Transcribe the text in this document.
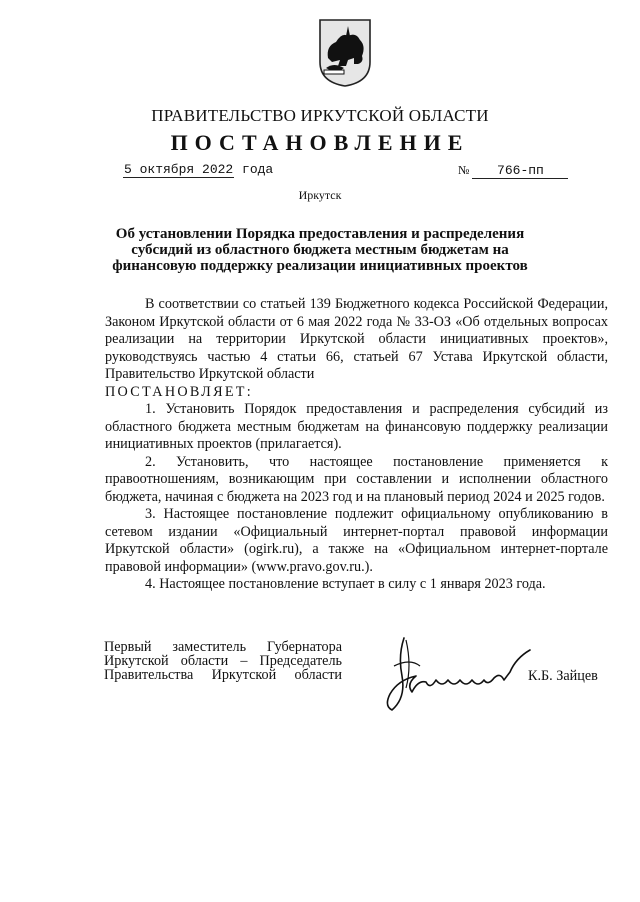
ПРАВИТЕЛЬСТВО ИРКУТСКОЙ ОБЛАСТИ
ПОСТАНОВЛЕНИЕ
5 октября 2022 года	№ 766-пп
Иркутск
Об установлении Порядка предоставления и распределения субсидий из областного бюджета местным бюджетам на финансовую поддержку реализации инициативных проектов

В соответствии со статьей 139 Бюджетного кодекса Российской Федерации, Законом Иркутской области от 6 мая 2022 года № 33-ОЗ «Об отдельных вопросах реализации на территории Иркутской области инициативных проектов», руководствуясь частью 4 статьи 66, статьей 67 Устава Иркутской области, Правительство Иркутской области

ПОСТАНОВЛЯЕТ:

1. Установить Порядок предоставления и распределения субсидий из областного бюджета местным бюджетам на финансовую поддержку реализации инициативных проектов (прилагается).

2. Установить, что настоящее постановление применяется к правоотношениям, возникающим при составлении и исполнении областного бюджета, начиная с бюджета на 2023 год и на плановый период 2024 и 2025 годов.

3. Настоящее постановление подлежит официальному опубликованию в сетевом издании «Официальный интернет-портал правовой информации Иркутской области» (ogirk.ru), а также на «Официальном интернет-портале правовой информации» (www.pravo.gov.ru.).

4. Настоящее постановление вступает в силу с 1 января 2023 года.

Первый заместитель Губернатора
Иркутской области – Председатель
Правительства Иркутской области	К.Б. Зайцев
